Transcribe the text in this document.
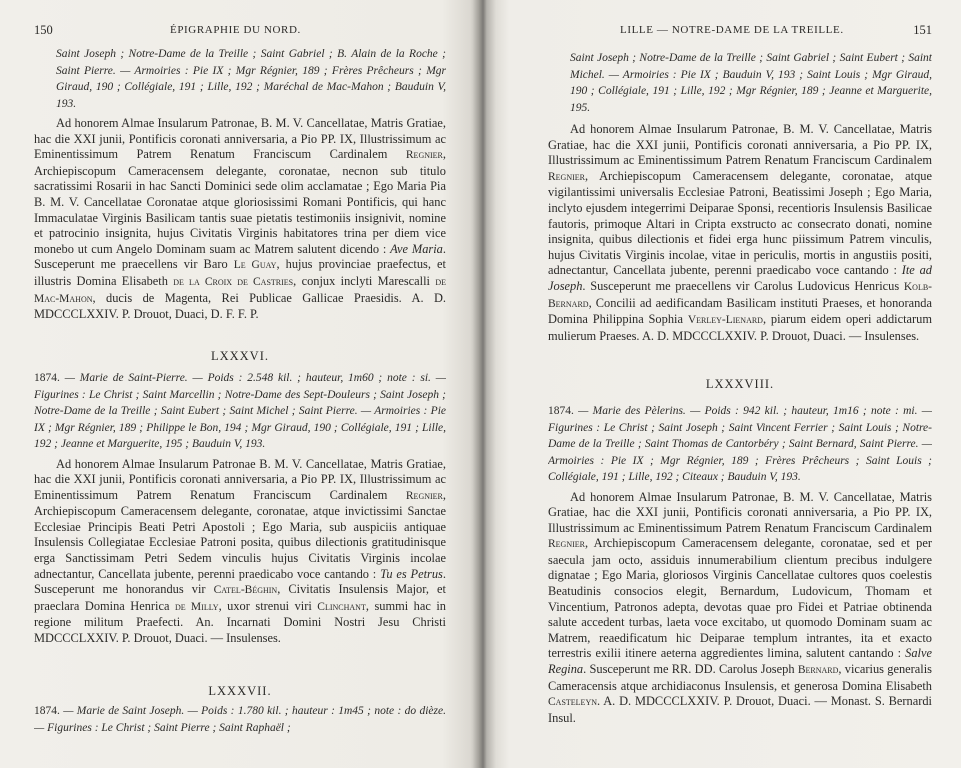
150	ÉPIGRAPHIE DU NORD.

Saint Joseph ; Notre-Dame de la Treille ; Saint Gabriel ; B. Alain de la Roche ; Saint Pierre. — Armoiries : Pie IX ; Mgr Régnier, 189 ; Frères Prêcheurs ; Mgr Giraud, 190 ; Collégiale, 191 ; Lille, 192 ; Maréchal de Mac-Mahon ; Bauduin V, 193.

Ad honorem Almae Insularum Patronae, B. M. V. Cancellatae, Matris Gratiae, hac die XXI junii, Pontificis coronati anniversaria, a Pio PP. IX, Illustrissimum ac Eminentissimum Patrem Renatum Franciscum Cardinalem Regnier, Archiepiscopum Cameracensem delegante, coronatae, necnon sub titulo sacratissimi Rosarii in hac Sancti Dominici sede olim acclamatae ; Ego Maria Pia B. M. V. Cancellatae Coronatae atque gloriosissimi Romani Pontificis, qui hanc Immaculatae Virginis Basilicam tantis suae pietatis testimoniis insignivit, nomine et patrocinio insignita, hujus Civitatis Virginis habitatores trina per diem vice monebo ut cum Angelo Dominam suam ac Matrem salutent dicendo : Ave Maria. Susceperunt me praecellens vir Baro Le Guay, hujus provinciae praefectus, et illustris Domina Elisabeth de la Croix de Castries, conjux inclyti Marescalli de Mac-Mahon, ducis de Magenta, Rei Publicae Gallicae Praesidis. A. D. MDCCCLXXIV. P. Drouot, Duaci, D. F. F. P.

LXXXVI.

1874. — Marie de Saint-Pierre. — Poids : 2.548 kil. ; hauteur, 1m60 ; note : si. — Figurines : Le Christ ; Saint Marcellin ; Notre-Dame des Sept-Douleurs ; Saint Joseph ; Notre-Dame de la Treille ; Saint Eubert ; Saint Michel ; Saint Pierre. — Armoiries : Pie IX ; Mgr Régnier, 189 ; Philippe le Bon, 194 ; Mgr Giraud, 190 ; Collégiale, 191 ; Lille, 192 ; Jeanne et Marguerite, 195 ; Bauduin V, 193.

Ad honorem Almae Insularum Patronae B. M. V. Cancellatae, Matris Gratiae, hac die XXI junii, Pontificis coronati anniversaria, a Pio PP. IX, Illustrissimum ac Eminentissimum Patrem Renatum Franciscum Cardinalem Regnier, Archiepiscopum Cameracensem delegante, coronatae, atque invictissimi Sanctae Ecclesiae Principis Beati Petri Apostoli ; Ego Maria, sub auspiciis antiquae Insulensis Collegiatae Ecclesiae Patroni posita, quibus dilectionis gratitudinisque erga Sanctissimam Petri Sedem vinculis hujus Civitatis Virginis incolae adnectantur, Cancellata jubente, perenni praedicabo voce cantando : Tu es Petrus. Susceperunt me honorandus vir Catel-Béghin, Civitatis Insulensis Major, et praeclara Domina Henrica de Milly, uxor strenui viri Clinchant, summi hac in regione militum Praefecti. An. Incarnati Domini Nostri Jesu Christi MDCCCLXXIV. P. Drouot, Duaci. — Insulenses.

LXXXVII.

1874. — Marie de Saint Joseph. — Poids : 1.780 kil. ; hauteur : 1m45 ; note : do dièze. — Figurines : Le Christ ; Saint Pierre ; Saint Raphaël ;

LILLE — NOTRE-DAME DE LA TREILLE.	151

Saint Joseph ; Notre-Dame de la Treille ; Saint Gabriel ; Saint Eubert ; Saint Michel. — Armoiries : Pie IX ; Bauduin V, 193 ; Saint Louis ; Mgr Giraud, 190 ; Collégiale, 191 ; Lille, 192 ; Mgr Régnier, 189 ; Jeanne et Marguerite, 195.

Ad honorem Almae Insularum Patronae, B. M. V. Cancellatae, Matris Gratiae, hac die XXI junii, Pontificis coronati anniversaria, a Pio PP. IX, Illustrissimum ac Eminentissimum Patrem Renatum Franciscum Cardinalem Regnier, Archiepiscopum Cameracensem delegante, coronatae, atque vigilantissimi universalis Ecclesiae Patroni, Beatissimi Joseph ; Ego Maria, inclyto ejusdem integerrimi Deiparae Sponsi, recentioris Insulensis Basilicae fautoris, primoque Altari in Cripta exstructo ac consecrato donati, nomine insignita, quibus dilectionis et fidei erga hunc piissimum Patrem vinculis, hujus Civitatis Virginis incolae, vitae in periculis, mortis in angustiis positi, adnectantur, Cancellata jubente, perenni praedicabo voce cantando : Ite ad Joseph. Susceperunt me praecellens vir Carolus Ludovicus Henricus Kolb-Bernard, Concilii ad aedificandam Basilicam instituti Praeses, et honoranda Domina Philippina Sophia Verley-Lienard, piarum eidem operi addictarum mulierum Praeses. A. D. MDCCCLXXIV. P. Drouot, Duaci. — Insulenses.

LXXXVIII.

1874. — Marie des Pèlerins. — Poids : 942 kil. ; hauteur, 1m16 ; note : mi. — Figurines : Le Christ ; Saint Joseph ; Saint Vincent Ferrier ; Saint Louis ; Notre-Dame de la Treille ; Saint Thomas de Cantorbéry ; Saint Bernard, Saint Pierre. — Armoiries : Pie IX ; Mgr Régnier, 189 ; Frères Prêcheurs ; Saint Louis ; Collégiale, 191 ; Lille, 192 ; Citeaux ; Bauduin V, 193.

Ad honorem Almae Insularum Patronae, B. M. V. Cancellatae, Matris Gratiae, hac die XXI junii, Pontificis coronati anniversaria, a Pio PP. IX, Illustrissimum ac Eminentissimum Patrem Renatum Franciscum Cardinalem Regnier, Archiepiscopum Cameracensem delegante, coronatae, sed et per saecula jam octo, assiduis innumerabilium clientum precibus indulgere dignatae ; Ego Maria, gloriosos Virginis Cancellatae cultores quos coelestis Beatudinis consocios elegit, Bernardum, Ludovicum, Thomam et Vincentium, Patronos adepta, devotas quae pro Fidei et Patriae obtinenda salute accedent turbas, laeta voce excitabo, ut quomodo Dominam suam ac Matrem, reaedificatum hic Deiparae templum intrantes, ita et exacto terrestris exilii itinere aeterna aggredientes limina, salutent cantando : Salve Regina. Susceperunt me RR. DD. Carolus Joseph Bernard, vicarius generalis Cameracensis atque archidiaconus Insulensis, et generosa Domina Elisabeth Casteleyn. A. D. MDCCCLXXIV. P. Drouot, Duaci. — Monast. S. Bernardi Insul.
